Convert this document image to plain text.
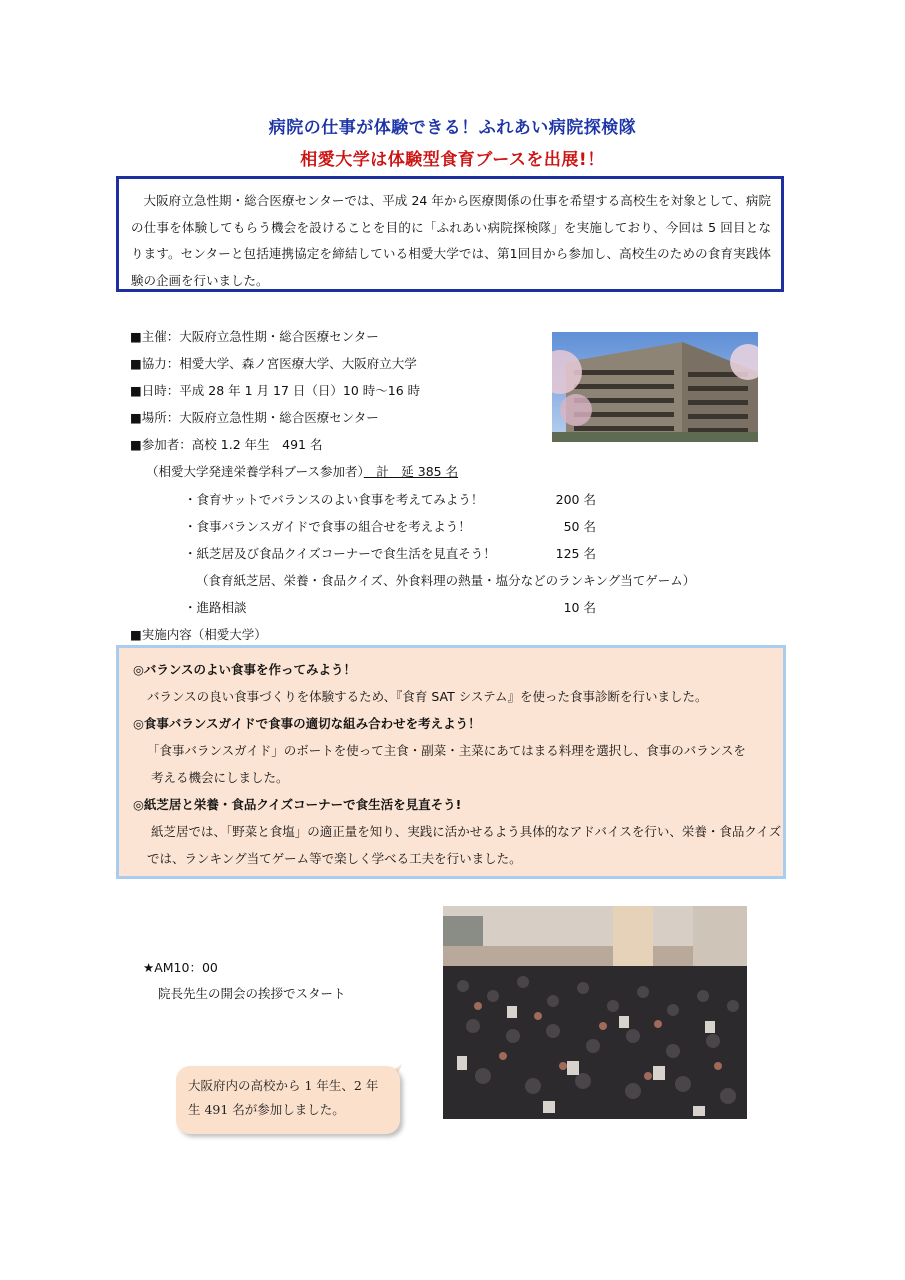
病院の仕事が体験できる！ふれあい病院探検隊
相愛大学は体験型食育ブースを出展!！

大阪府立急性期・総合医療センターでは、平成 24 年から医療関係の仕事を希望する高校生を対象として、病院の仕事を体験してもらう機会を設けることを目的に「ふれあい病院探検隊」を実施しており、今回は 5 回目となります。センターと包括連携協定を締結している相愛大学では、第1回目から参加し、高校生のための食育実践体験の企画を行いました。

■主催：大阪府立急性期・総合医療センター
■協力：相愛大学、森ノ宮医療大学、大阪府立大学
■日時：平成 28 年 1 月 17 日（日）10 時～16 時
■場所：大阪府立急性期・総合医療センター
■参加者：高校 1.2 年生　491 名
（相愛大学発達栄養学科ブース参加者）　計　延 385 名
・食育サットでバランスのよい食事を考えてみよう！	200 名
・食事バランスガイドで食事の組合せを考えよう！	50 名
・紙芝居及び食品クイズコーナーで食生活を見直そう！	125 名
（食育紙芝居、栄養・食品クイズ、外食料理の熱量・塩分などのランキング当てゲーム）
・進路相談	10 名
■実施内容（相愛大学）
◎バランスのよい食事を作ってみよう！
バランスの良い食事づくりを体験するため、『食育 SAT システム』を使った食事診断を行いました。
◎食事バランスガイドで食事の適切な組み合わせを考えよう！
「食事バランスガイド」のボートを使って主食・副菜・主菜にあてはまる料理を選択し、食事のバランスを
考える機会にしました。
◎紙芝居と栄養・食品クイズコーナーで食生活を見直そう!
紙芝居では、「野菜と食塩」の適正量を知り、実践に活かせるよう具体的なアドバイスを行い、栄養・食品クイズ
では、ランキング当てゲーム等で楽しく学べる工夫を行いました。
★AM10：00
院長先生の開会の挨拶でスタート
大阪府内の高校から 1 年生、2 年
生 491 名が参加しました。
